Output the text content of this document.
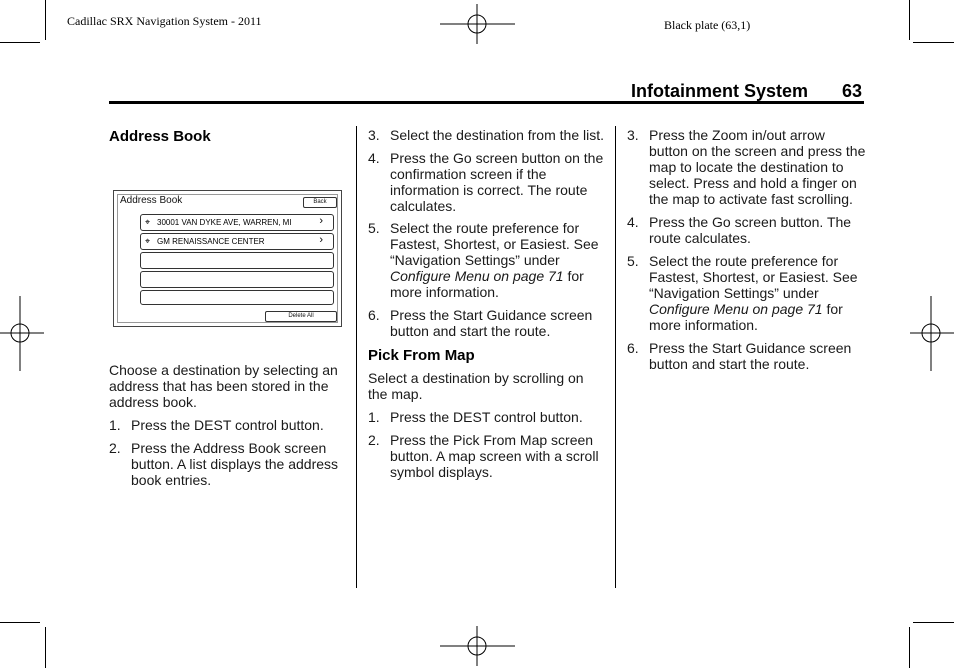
Cadillac SRX Navigation System - 2011	Black plate (63,1)
Infotainment System 63
Address Book
Address Book	Back
⌖ 30001 VAN DYKE AVE, WARREN, MI	›
⌖ GM RENAISSANCE CENTER	›
Delete All

Choose a destination by selecting an address that has been stored in the address book.

1. Press the DEST control button.
2. Press the Address Book screen button. A list displays the address book entries.
3. Select the destination from the list.
4. Press the Go screen button on the confirmation screen if the information is correct. The route calculates.
5. Select the route preference for Fastest, Shortest, or Easiest. See “Navigation Settings” under Configure Menu on page 71 for more information.
6. Press the Start Guidance screen button and start the route.

Pick From Map

Select a destination by scrolling on the map.

1. Press the DEST control button.
2. Press the Pick From Map screen button. A map screen with a scroll symbol displays.
3. Press the Zoom in/out arrow button on the screen and press the map to locate the destination to select. Press and hold a finger on the map to activate fast scrolling.
4. Press the Go screen button. The route calculates.
5. Select the route preference for Fastest, Shortest, or Easiest. See “Navigation Settings” under Configure Menu on page 71 for more information.
6. Press the Start Guidance screen button and start the route.
